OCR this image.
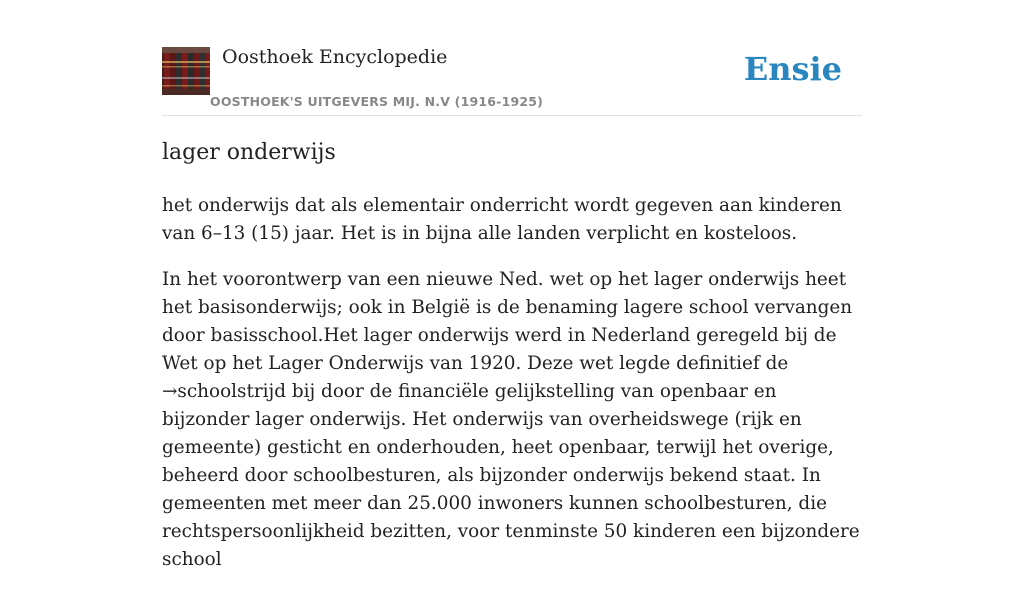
Oosthoek Encyclopedie
OOSTHOEK'S UITGEVERS MIJ. N.V (1916-1925)
Ensie
lager onderwijs

het onderwijs dat als elementair onderricht wordt gegeven aan kinderen van 6–13 (15) jaar. Het is in bijna alle landen verplicht en kosteloos.

In het voorontwerp van een nieuwe Ned. wet op het lager onderwijs heet het basisonderwijs; ook in België is de benaming lagere school vervangen door basisschool.Het lager onderwijs werd in Nederland geregeld bij de Wet op het Lager Onderwijs van 1920. Deze wet legde definitief de →schoolstrijd bij door de financiële gelijkstelling van openbaar en bijzonder lager onderwijs. Het onderwijs van overheidswege (rijk en gemeente) gesticht en onderhouden, heet openbaar, terwijl het overige, beheerd door schoolbesturen, als bijzonder onderwijs bekend staat. In gemeenten met meer dan 25.000 inwoners kunnen schoolbesturen, die rechtspersoonlijkheid bezitten, voor tenminste 50 kinderen een bijzondere school
